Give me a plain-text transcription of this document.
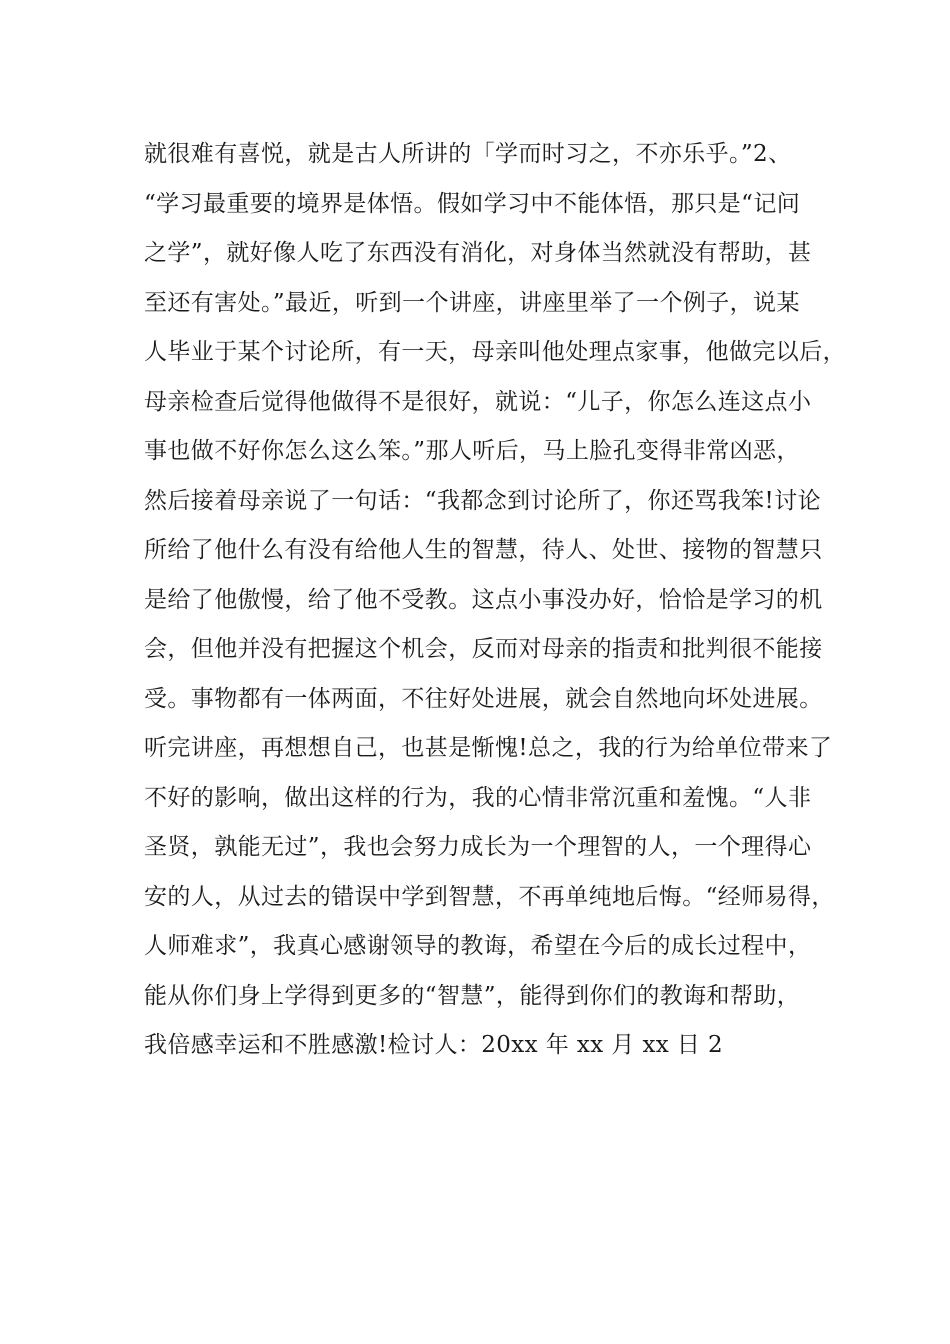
就很难有喜悦，就是古人所讲的「学而时习之，不亦乐乎。”2、
“学习最重要的境界是体悟。假如学习中不能体悟，那只是“记问
之学”，就好像人吃了东西没有消化，对身体当然就没有帮助，甚
至还有害处。”最近，听到一个讲座，讲座里举了一个例子，说某
人毕业于某个讨论所，有一天，母亲叫他处理点家事，他做完以后，
母亲检查后觉得他做得不是很好，就说：“儿子，你怎么连这点小
事也做不好你怎么这么笨。”那人听后，马上脸孔变得非常凶恶，
然后接着母亲说了一句话：“我都念到讨论所了，你还骂我笨!讨论
所给了他什么有没有给他人生的智慧，待人、处世、接物的智慧只
是给了他傲慢，给了他不受教。这点小事没办好，恰恰是学习的机
会，但他并没有把握这个机会，反而对母亲的指责和批判很不能接
受。事物都有一体两面，不往好处进展，就会自然地向坏处进展。
听完讲座，再想想自己，也甚是惭愧!总之，我的行为给单位带来了
不好的影响，做出这样的行为，我的心情非常沉重和羞愧。“人非
圣贤，孰能无过”，我也会努力成长为一个理智的人，一个理得心
安的人，从过去的错误中学到智慧，不再单纯地后悔。“经师易得，
人师难求”，我真心感谢领导的教诲，希望在今后的成长过程中，
能从你们身上学得到更多的“智慧”，能得到你们的教诲和帮助，
我倍感幸运和不胜感激!检讨人：20xx 年 xx 月 xx 日 2
